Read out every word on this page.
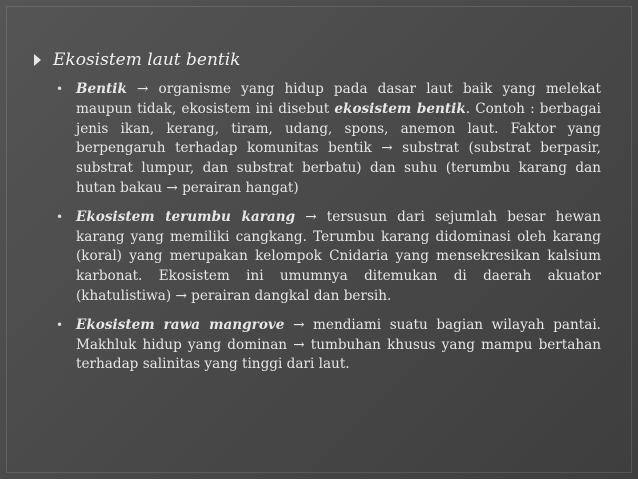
Ekosistem laut bentik
• Bentik → organisme yang hidup pada dasar laut baik yang melekat maupun tidak, ekosistem ini disebut ekosistem bentik. Contoh : berbagai jenis ikan, kerang, tiram, udang, spons, anemon laut. Faktor yang berpengaruh terhadap komunitas bentik → substrat (substrat berpasir, substrat lumpur, dan substrat berbatu) dan suhu (terumbu karang dan hutan bakau → perairan hangat)
• Ekosistem terumbu karang → tersusun dari sejumlah besar hewan karang yang memiliki cangkang. Terumbu karang didominasi oleh karang (koral) yang merupakan kelompok Cnidaria yang mensekresikan kalsium karbonat. Ekosistem ini umumnya ditemukan di daerah akuator (khatulistiwa) → perairan dangkal dan bersih.
• Ekosistem rawa mangrove → mendiami suatu bagian wilayah pantai. Makhluk hidup yang dominan → tumbuhan khusus yang mampu bertahan terhadap salinitas yang tinggi dari laut.
